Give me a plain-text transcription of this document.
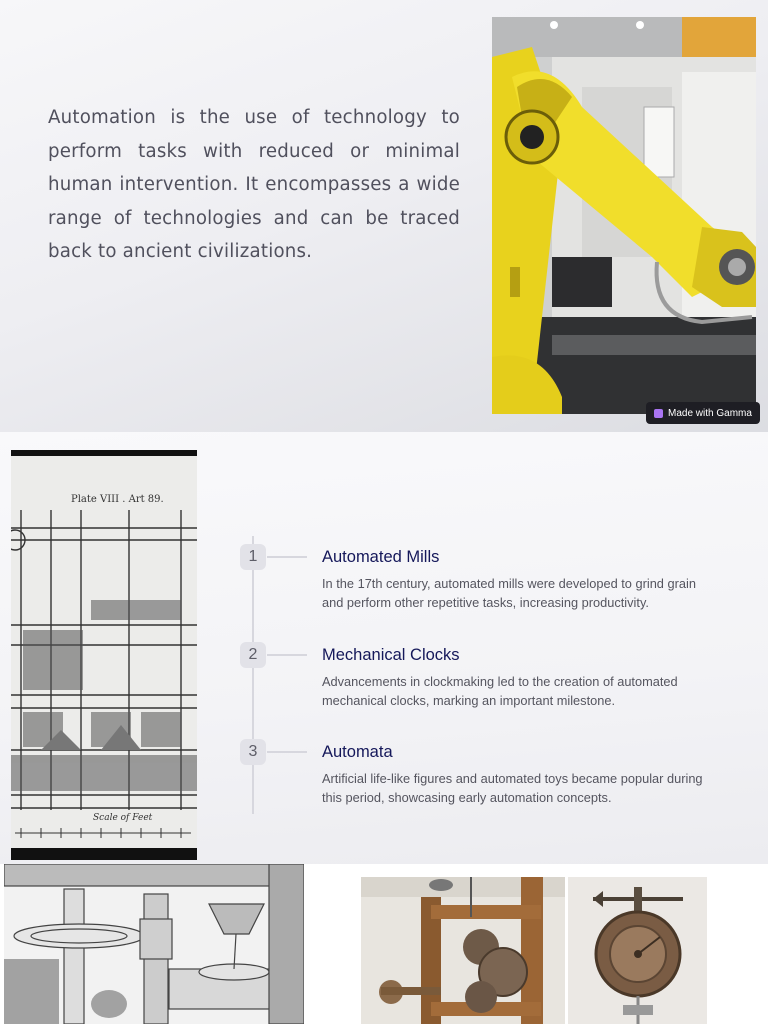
Automation is the use of technology to perform tasks with reduced or minimal human intervention. It encompasses a wide range of technologies and can be traced back to ancient civilizations.

Made with Gamma
Plate VIII . Art 89.
Scale of Feet
1	Automated Mills

In the 17th century, automated mills were developed to grind grain and perform other repetitive tasks, increasing productivity.

2	Mechanical Clocks

Advancements in clockmaking led to the creation of automated mechanical clocks, marking an important milestone.

3	Automata

Artificial life-like figures and automated toys became popular during this period, showcasing early automation concepts.
